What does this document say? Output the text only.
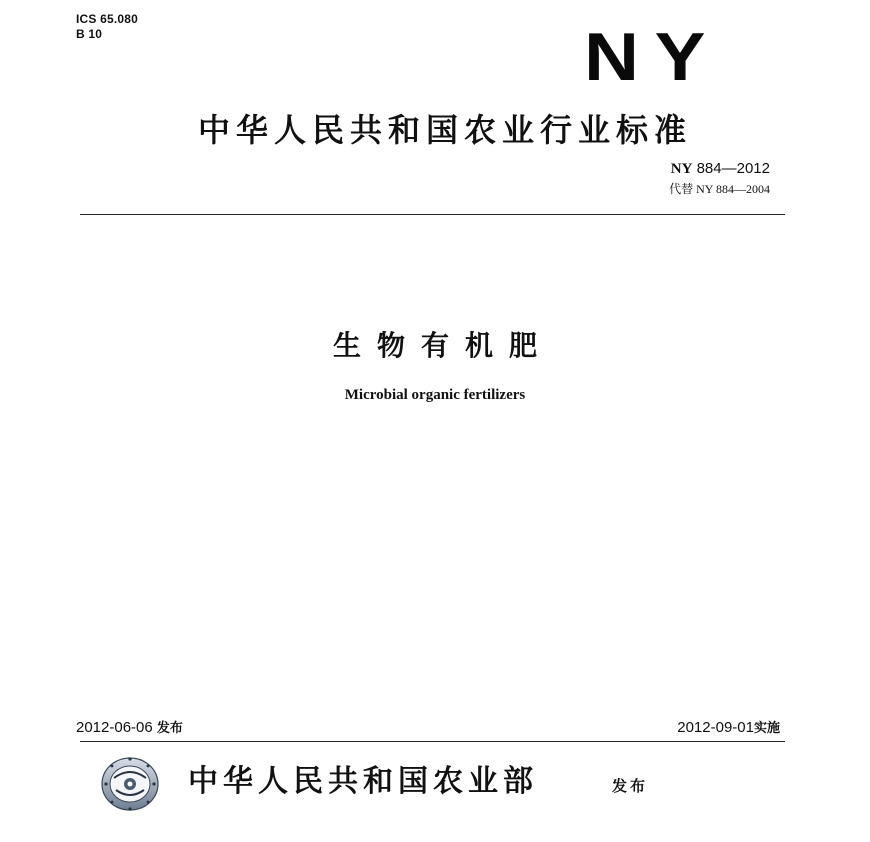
ICS 65.080
B 10	NY
中华人民共和国农业行业标准
NY 884—2012
代替 NY 884—2004
生物有机肥
Microbial organic fertilizers
2012-06-06 发布	2012-09-01实施
中华人民共和国农业部	发布
